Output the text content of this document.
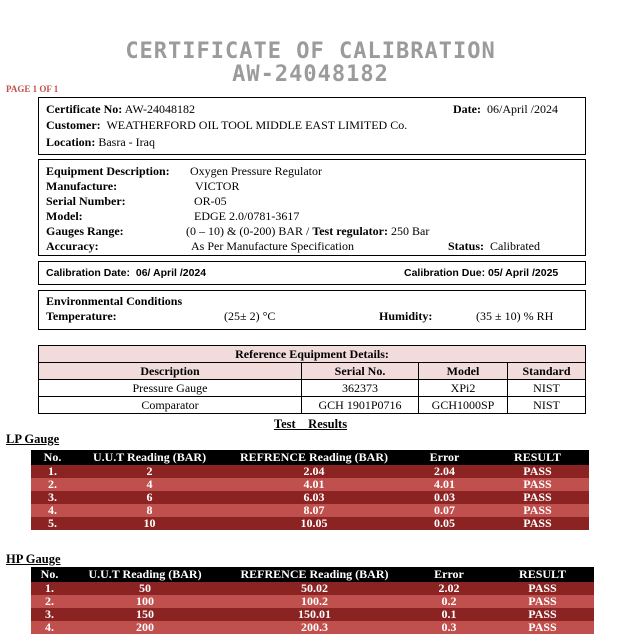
CERTIFICATE OF CALIBRATION
AW-24048182
PAGE 1 OF 1
Certificate No: AW-24048182	Date: 06/April /2024
Customer: WEATHERFORD OIL TOOL MIDDLE EAST LIMITED Co.
Location: Basra - Iraq
Equipment Description: Oxygen Pressure Regulator
Manufacture:	VICTOR
Serial Number:	OR-05
Model:	EDGE 2.0/0781-3617
Gauges Range:	(0 – 10) & (0-200) BAR / Test regulator: 250 Bar
Accuracy:	As Per Manufacture Specification	Status: Calibrated
Calibration Date: 06/ April /2024	Calibration Due: 05/ April /2025
Environmental Conditions
Temperature:	(25± 2) °C	Humidity:	(35 ± 10) % RH
Reference Equipment Details:			
Description	Serial No.	Model	Standard
Pressure Gauge	362373	XPi2	NIST
Comparator	GCH 1901P0716	GCH1000SP	NIST
Test    Results
LP Gauge
No.	U.U.T Reading (BAR)	REFRENCE Reading (BAR)	Error	RESULT
1.	2	2.04	2.04	PASS
2.	4	4.01	4.01	PASS
3.	6	6.03	0.03	PASS
4.	8	8.07	0.07	PASS
5.	10	10.05	0.05	PASS
HP Gauge
No.	U.U.T Reading (BAR)	REFRENCE Reading (BAR)	Error	RESULT
1.	50	50.02	2.02	PASS
2.	100	100.2	0.2	PASS
3.	150	150.01	0.1	PASS
4.	200	200.3	0.3	PASS
